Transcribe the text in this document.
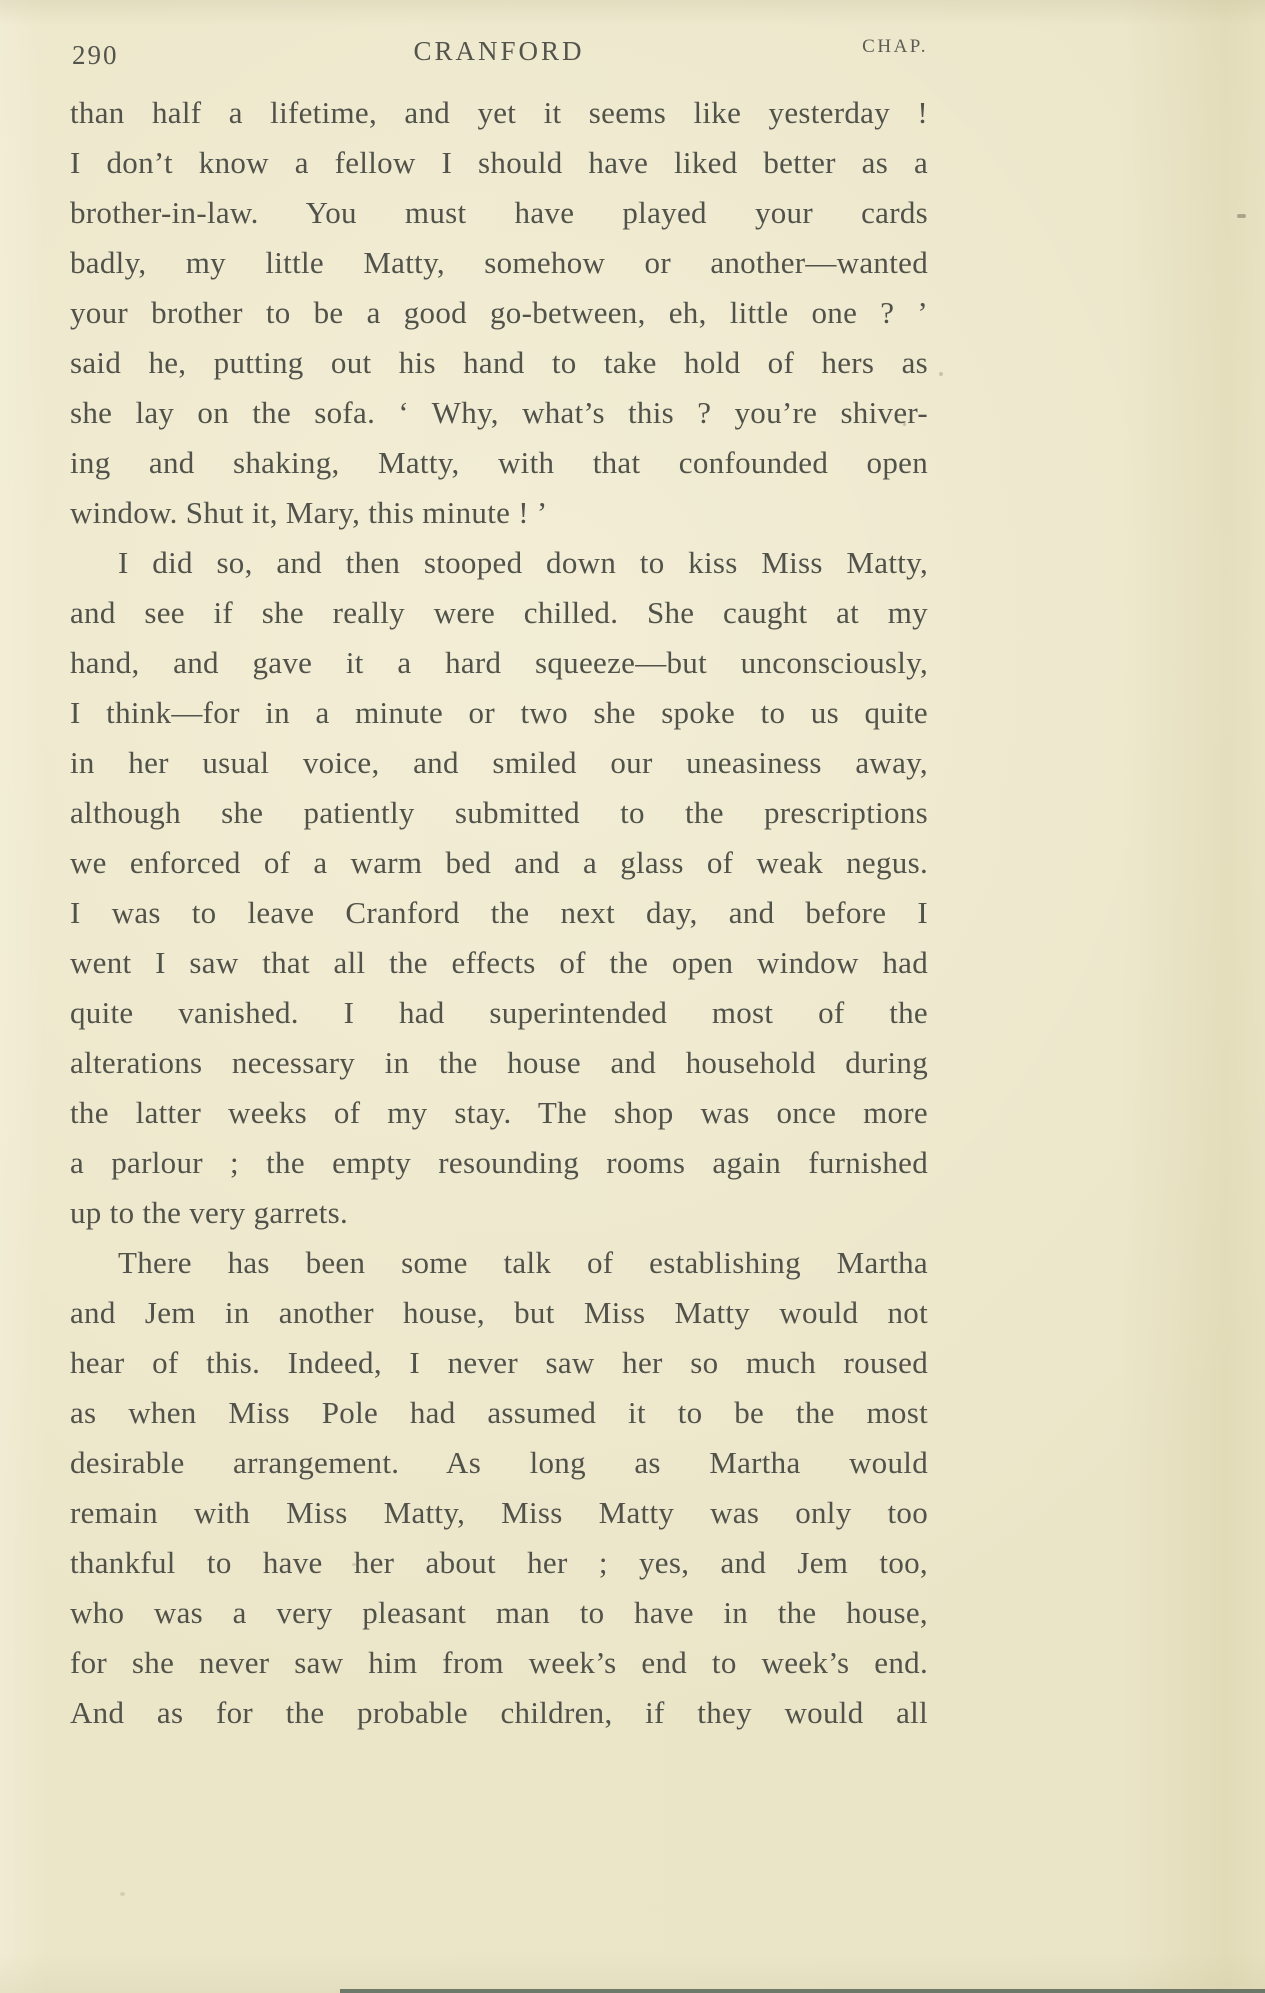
290	CRANFORD	CHAP.
than half a lifetime, and yet it seems like yesterday !
I don’t know a fellow I should have liked better as a
brother-in-law. You must have played your cards
badly, my little Matty, somehow or another—wanted
your brother to be a good go-between, eh, little one ? ’
said he, putting out his hand to take hold of hers as
she lay on the sofa. ‘ Why, what’s this ? you’re shiver-
ing and shaking, Matty, with that confounded open
window. Shut it, Mary, this minute ! ’
I did so, and then stooped down to kiss Miss Matty,
and see if she really were chilled. She caught at my
hand, and gave it a hard squeeze—but unconsciously,
I think—for in a minute or two she spoke to us quite
in her usual voice, and smiled our uneasiness away,
although she patiently submitted to the prescriptions
we enforced of a warm bed and a glass of weak negus.
I was to leave Cranford the next day, and before I
went I saw that all the effects of the open window had
quite vanished. I had superintended most of the
alterations necessary in the house and household during
the latter weeks of my stay. The shop was once more
a parlour ; the empty resounding rooms again furnished
up to the very garrets.
There has been some talk of establishing Martha
and Jem in another house, but Miss Matty would not
hear of this. Indeed, I never saw her so much roused
as when Miss Pole had assumed it to be the most
desirable arrangement. As long as Martha would
remain with Miss Matty, Miss Matty was only too
thankful to have her about her ; yes, and Jem too,
who was a very pleasant man to have in the house,
for she never saw him from week’s end to week’s end.
And as for the probable children, if they would all
